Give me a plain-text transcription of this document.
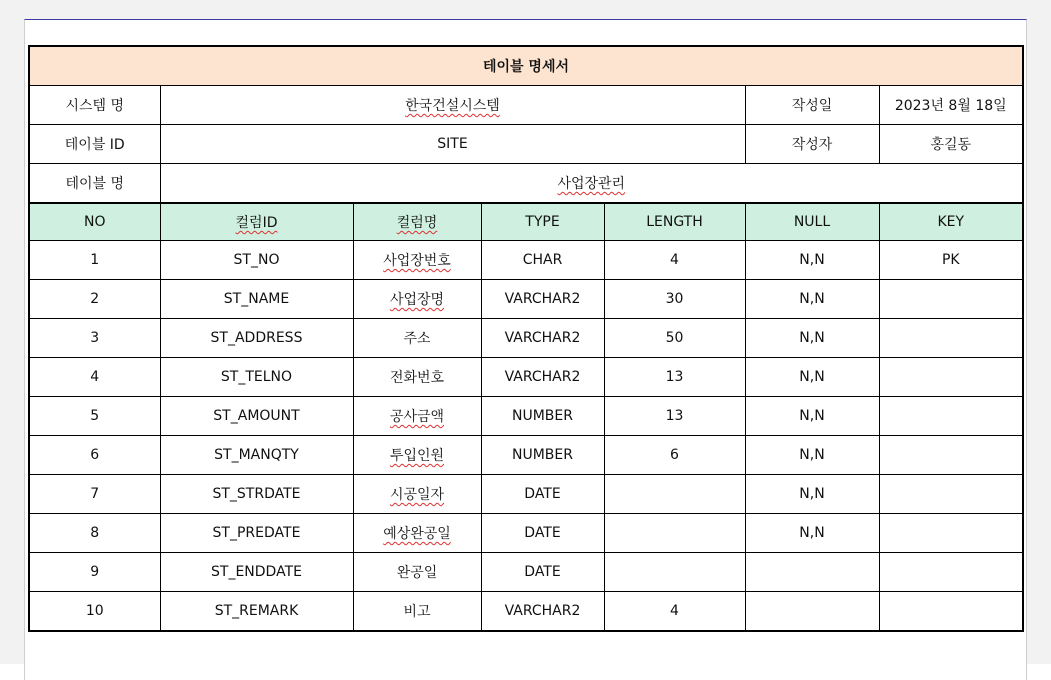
테이블 명세서						
시스템 명	한국건설시스템				작성일	2023년 8월 18일
테이블 ID	SITE				작성자	홍길동
테이블 명	사업장관리					
NO	컬럼ID	컬럼명	TYPE	LENGTH	NULL	KEY
1	ST_NO	사업장번호	CHAR	4	N,N	PK
2	ST_NAME	사업장명	VARCHAR2	30	N,N	
3	ST_ADDRESS	주소	VARCHAR2	50	N,N	
4	ST_TELNO	전화번호	VARCHAR2	13	N,N	
5	ST_AMOUNT	공사금액	NUMBER	13	N,N	
6	ST_MANQTY	투입인원	NUMBER	6	N,N	
7	ST_STRDATE	시공일자	DATE		N,N	
8	ST_PREDATE	예상완공일	DATE		N,N	
9	ST_ENDDATE	완공일	DATE			
10	ST_REMARK	비고	VARCHAR2	4		
